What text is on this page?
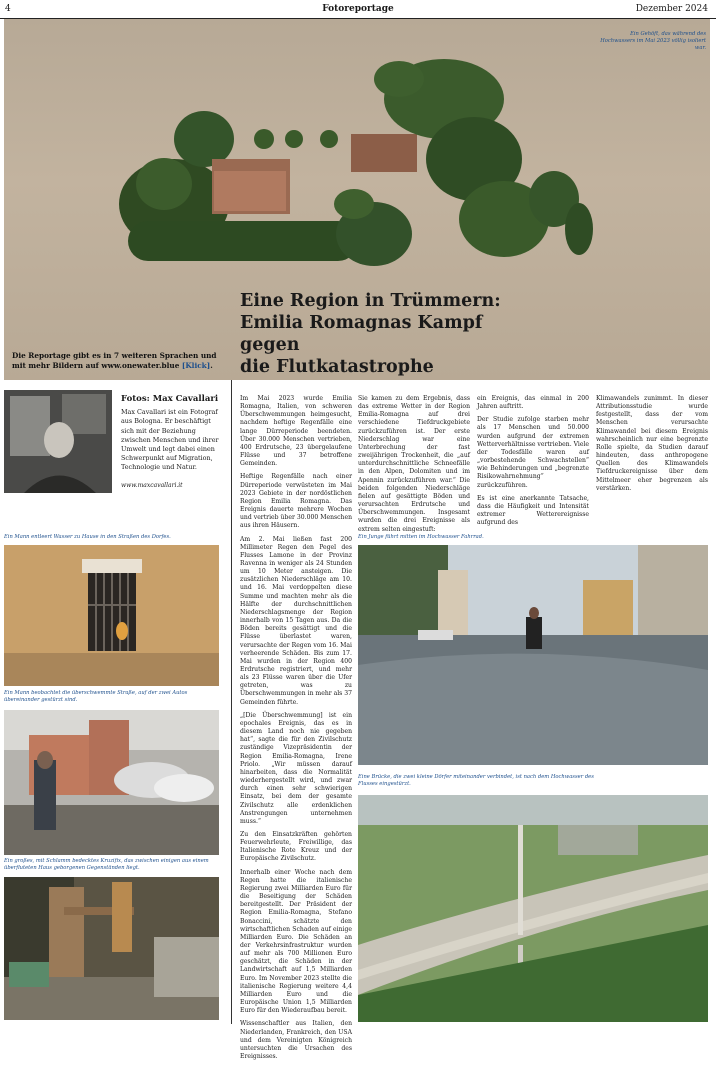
4	Fotoreportage	Dezember 2024
Ein Gehöft, das während des Hochwassers im Mai 2023 völlig isoliert war.
Eine Region in Trümmern:
Emilia Romagnas Kampf gegen
die Flutkatastrophe
Die Reportage gibt es in 7 weiteren Sprachen und mit mehr Bildern auf www.onewater.blue [Klick].
Fotos: Max Cavallari

Max Cavallari ist ein Fotograf aus Bologna. Er beschäftigt sich mit der Beziehung zwischen Menschen und ihrer Umwelt und legt dabei einen Schwerpunkt auf Migration, Technologie und Natur.

www.maxcavallari.it
Ein Mann entleert Wasser zu Hause in den Straßen des Dorfes.
Ein Mann beobachtet die überschwemmte Straße, auf der zwei Autos übereinander gestürzt sind.
Ein großes, mit Schlamm bedecktes Kruzifix, das zwischen einigen aus einem überfluteten Haus geborgenen Gegenständen liegt.

Im Mai 2023 wurde Emilia Romagna, Italien, von schweren Überschwemmungen heimgesucht, nachdem heftige Regenfälle eine lange Dürreperiode beendeten. Über 30.000 Menschen vertrieben, 400 Erdrutsche, 23 übergelaufene Flüsse und 37 betroffene Gemeinden.

Heftige Regenfälle nach einer Dürreperiode verwüsteten im Mai 2023 Gebiete in der nordöstlichen Region Emilia Romagna. Das Ereignis dauerte mehrere Wochen und vertrieb über 30.000 Menschen aus ihren Häusern.

Am 2. Mai ließen fast 200 Millimeter Regen den Pegel des Flusses Lamone in der Provinz Ravenna in weniger als 24 Stunden um 10 Meter ansteigen. Die zusätzlichen Niederschläge am 10. und 16. Mai verdoppelten diese Summe und machten mehr als die Hälfte der durchschnittlichen Niederschlagsmenge der Region innerhalb von 15 Tagen aus. Da die Böden bereits gesättigt und die Flüsse überlastet waren, verursachte der Regen vom 16. Mai verheerende Schäden. Bis zum 17. Mai wurden in der Region 400 Erdrutsche registriert, und mehr als 23 Flüsse waren über die Ufer getreten, was zu Überschwemmungen in mehr als 37 Gemeinden führte.

„[Die Überschwemmung] ist ein epochales Ereignis, das es in diesem Land noch nie gegeben hat“, sagte die für den Zivilschutz zuständige Vizepräsidentin der Region Emilia-Romagna, Irene Priolo. „Wir müssen darauf hinarbeiten, dass die Normalität wiederhergestellt wird, und zwar durch einen sehr schwierigen Einsatz, bei dem der gesamte Zivilschutz alle erdenklichen Anstrengungen unternehmen muss.“

Zu den Einsatzkräften gehörten Feuerwehrleute, Freiwillige, das Italienische Rote Kreuz und der Europäische Zivilschutz.

Innerhalb einer Woche nach dem Regen hatte die italienische Regierung zwei Milliarden Euro für die Beseitigung der Schäden bereitgestellt. Der Präsident der Region Emilia-Romagna, Stefano Bonaccini, schätzte den wirtschaftlichen Schaden auf einige Milliarden Euro. Die Schäden an der Verkehrsinfrastruktur wurden auf mehr als 700 Millionen Euro geschätzt, die Schäden in der Landwirtschaft auf 1,5 Milliarden Euro. Im November 2023 stellte die italienische Regierung weitere 4,4 Milliarden Euro und die Europäische Union 1,5 Milliarden Euro für den Wiederaufbau bereit.

Wissenschaftler aus Italien, den Niederlanden, Frankreich, den USA und dem Vereinigten Königreich untersuchten die Ursachen des Ereignisses.

Sie kamen zu dem Ergebnis, dass das extreme Wetter in der Region Emilia-Romagna auf drei verschiedene Tiefdruckgebiete zurückzuführen ist. Der erste Niederschlag war eine Unterbrechung der fast zweijährigen Trockenheit, die „auf unterdurchschnittliche Schneefälle in den Alpen, Dolomiten und im Apennin zurückzuführen war.“ Die beiden folgenden Niederschläge fielen auf gesättigte Böden und verursachten Erdrutsche und Überschwemmungen. Insgesamt wurden die drei Ereignisse als extrem selten eingestuft:

ein Ereignis, das einmal in 200 Jahren auftritt.

Der Studie zufolge starben mehr als 17 Menschen und 50.000 wurden aufgrund der extremen Wetterverhältnisse vertrieben. Viele der Todesfälle waren auf „vorbestehende Schwachstellen“ wie Behinderungen und „begrenzte Risikowahrnehmung“ zurückzuführen.

Es ist eine anerkannte Tatsache, dass die Häufigkeit und Intensität extremer Wetterereignisse aufgrund des

Klimawandels zunimmt. In dieser Attributionsstudie wurde festgestellt, dass der vom Menschen verursachte Klimawandel bei diesem Ereignis wahrscheinlich nur eine begrenzte Rolle spielte, da Studien darauf hindeuten, dass anthropogene Quellen des Klimawandels Tiefdruckereignisse über dem Mittelmeer eher begrenzen als verstärken.

Ein Junge führt mitten im Hochwasser Fahrrad.
Eine Brücke, die zwei kleine Dörfer miteinander verbindet, ist nach dem Hochwasser des Flusses eingestürzt.
